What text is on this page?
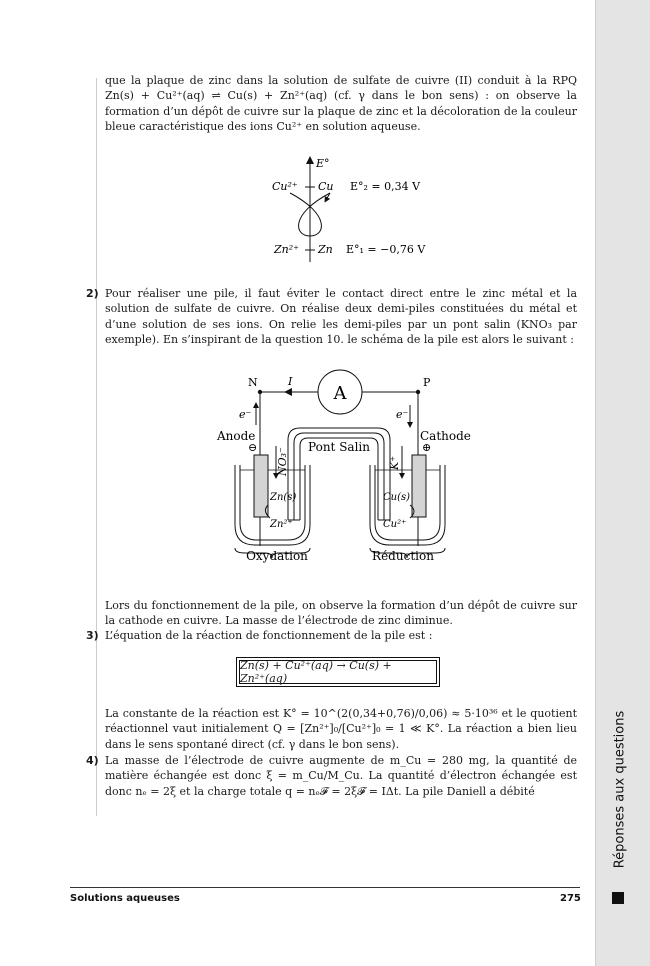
Réponses aux questions

que la plaque de zinc dans la solution de sulfate de cuivre (II) conduit à la RPQ Zn(s) + Cu²⁺(aq) ⇌ Cu(s) + Zn²⁺(aq) (cf. γ dans le bon sens) : on observe la formation d’un dépôt de cuivre sur la plaque de zinc et la décoloration de la couleur bleue caractéristique des ions Cu²⁺ en solution aqueuse.

E°
Cu²⁺ Cu E°₂ = 0,34 V
Zn²⁺ Zn E°₁ = −0,76 V
2) Pour réaliser une pile, il faut éviter le contact direct entre le zinc métal et la solution de sulfate de cuivre. On réalise deux demi-piles constituées du métal et d’une solution de ses ions. On relie les demi-piles par un pont salin (KNO₃ par exemple). En s’inspirant de la question 10. le schéma de la pile est alors le suivant :

A
I
N	P
e⁻	e⁻
Anode	Cathode
⊖	⊕
Pont Salin
NO₃⁻	K⁺
Zn(s)
Zn²⁺
Cu(s)
Cu²⁺
Oxydation	Réduction

Lors du fonctionnement de la pile, on observe la formation d’un dépôt de cuivre sur la cathode en cuivre. La masse de l’électrode de zinc diminue.

3) L’équation de la réaction de fonctionnement de la pile est :

Zn(s) + Cu²⁺(aq) → Cu(s) + Zn²⁺(aq)

La constante de la réaction est K° = 10^(2(0,34+0,76)/0,06) ≈ 5·10³⁶ et le quotient réactionnel vaut initialement Q = [Zn²⁺]₀/[Cu²⁺]₀ = 1 ≪ K°. La réaction a bien lieu dans le sens spontané direct (cf. γ dans le bon sens).

4) La masse de l’électrode de cuivre augmente de m_Cu = 280 mg, la quantité de matière échangée est donc ξ = m_Cu/M_Cu. La quantité d’électron échangée est donc nₑ = 2ξ et la charge totale q = nₑ𝓕 = 2ξ𝓕 = IΔt. La pile Daniell a débité

Solutions aqueuses	275
